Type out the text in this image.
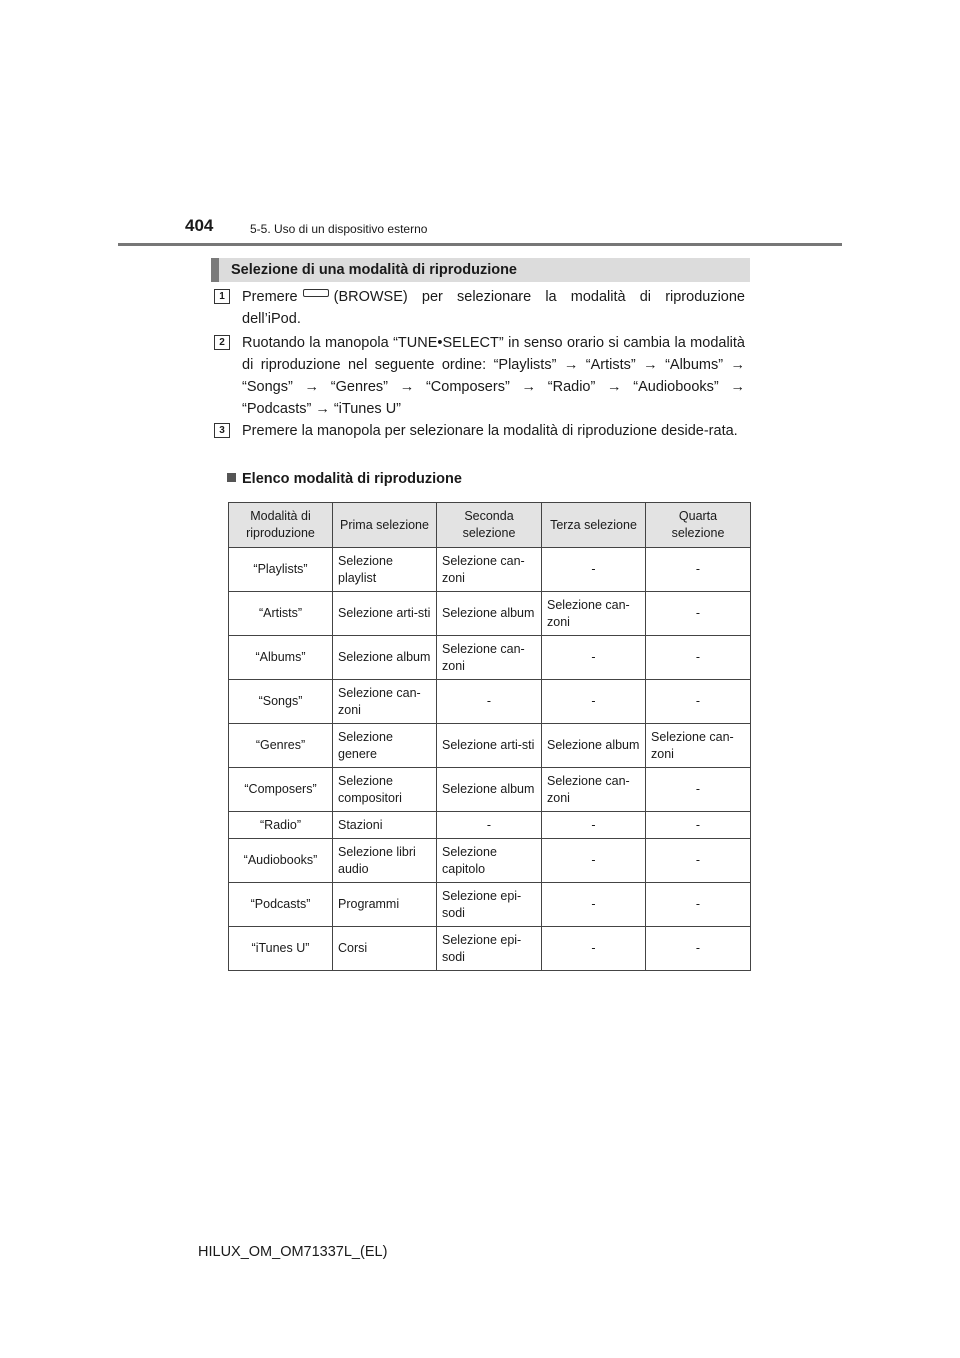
404	5-5. Uso di un dispositivo esterno
Selezione di una modalità di riproduzione
1	Premere (BROWSE) per selezionare la modalità di riproduzione dell’iPod.
2	Ruotando la manopola “TUNE•SELECT” in senso orario si cambia la modalità di riproduzione nel seguente ordine: “Playlists” → “Artists” → “Albums” → “Songs” → “Genres” → “Composers” → “Radio” → “Audiobooks” → “Podcasts” → “iTunes U”
3	Premere la manopola per selezionare la modalità di riproduzione deside-rata.
Elenco modalità di riproduzione
Modalità di riproduzione	Prima selezione	Seconda selezione	Terza selezione	Quarta selezione
“Playlists”	Selezione playlist	Selezione can-zoni	-	-
“Artists”	Selezione arti-sti	Selezione album	Selezione can-zoni	-
“Albums”	Selezione album	Selezione can-zoni	-	-
“Songs”	Selezione can-zoni	-	-	-
“Genres”	Selezione genere	Selezione arti-sti	Selezione album	Selezione can-zoni
“Composers”	Selezione compositori	Selezione album	Selezione can-zoni	-
“Radio”	Stazioni	-	-	-
“Audiobooks”	Selezione libri audio	Selezione capitolo	-	-
“Podcasts”	Programmi	Selezione epi-sodi	-	-
“iTunes U”	Corsi	Selezione epi-sodi	-	-
HILUX_OM_OM71337L_(EL)
